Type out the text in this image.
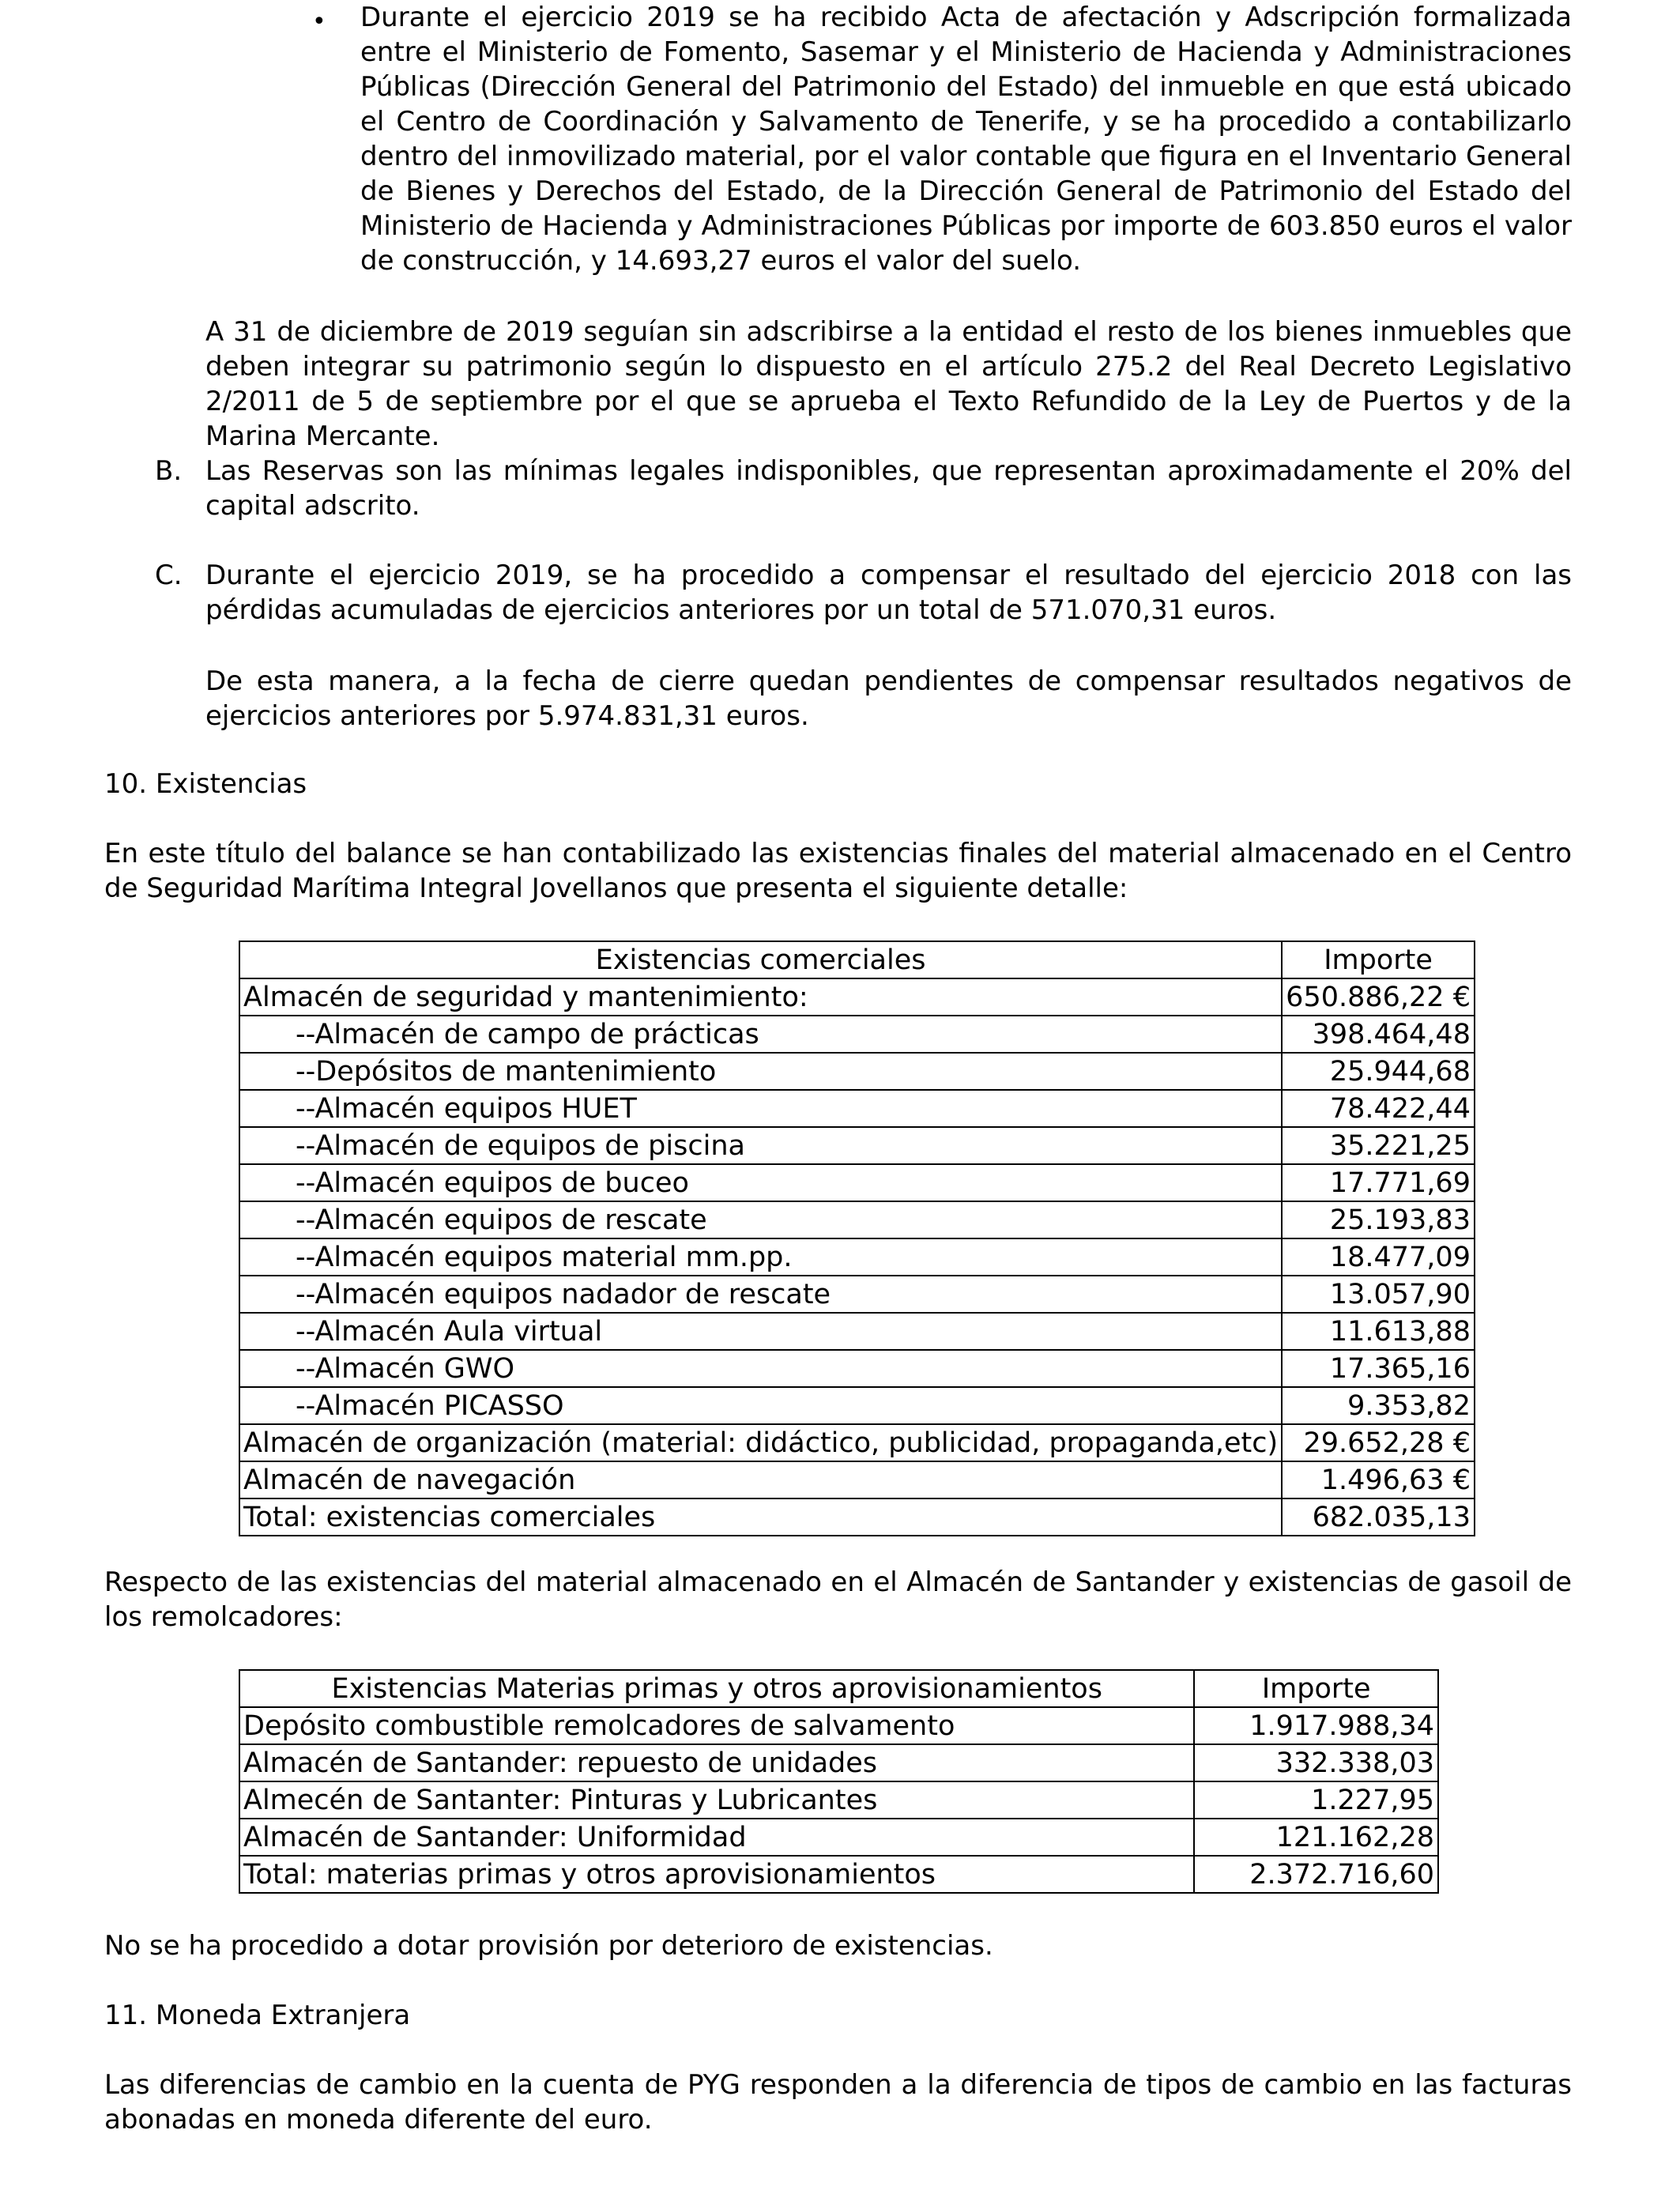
• Durante el ejercicio 2019 se ha recibido Acta de afectación y Adscripción formalizada entre el Ministerio de Fomento, Sasemar y el Ministerio de Hacienda y Administraciones Públicas (Dirección General del Patrimonio del Estado) del inmueble en que está ubicado el Centro de Coordinación y Salvamento de Tenerife, y se ha procedido a contabilizarlo dentro del inmovilizado material, por el valor contable que figura en el Inventario General de Bienes y Derechos del Estado, de la Dirección General de Patrimonio del Estado del Ministerio de Hacienda y Administraciones Públicas por importe de 603.850 euros el valor de construcción, y 14.693,27 euros el valor del suelo.
A 31 de diciembre de 2019 seguían sin adscribirse a la entidad el resto de los bienes inmuebles que deben integrar su patrimonio según lo dispuesto en el artículo 275.2 del Real Decreto Legislativo 2/2011 de 5 de septiembre por el que se aprueba el Texto Refundido de la Ley de Puertos y de la Marina Mercante.
B. Las Reservas son las mínimas legales indisponibles, que representan aproximadamente el 20% del capital adscrito.
C. Durante el ejercicio 2019, se ha procedido a compensar el resultado del ejercicio 2018 con las pérdidas acumuladas de ejercicios anteriores por un total de 571.070,31 euros.
De esta manera, a la fecha de cierre quedan pendientes de compensar resultados negativos de ejercicios anteriores por 5.974.831,31 euros.
10. Existencias
En este título del balance se han contabilizado las existencias finales del material almacenado en el Centro de Seguridad Marítima Integral Jovellanos que presenta el siguiente detalle:
Existencias comerciales	Importe
Almacén de seguridad y mantenimiento:	650.886,22 €
--Almacén de campo de prácticas	398.464,48
--Depósitos de mantenimiento	25.944,68
--Almacén equipos HUET	78.422,44
--Almacén de equipos de piscina	35.221,25
--Almacén equipos de buceo	17.771,69
--Almacén equipos de rescate	25.193,83
--Almacén equipos material mm.pp.	18.477,09
--Almacén equipos nadador de rescate	13.057,90
--Almacén Aula virtual	11.613,88
--Almacén GWO	17.365,16
--Almacén PICASSO	9.353,82
Almacén de organización (material: didáctico, publicidad, propaganda,etc)	29.652,28 €
Almacén de navegación	1.496,63 €
Total: existencias comerciales	682.035,13
Respecto de las existencias del material almacenado en el Almacén de Santander y existencias de gasoil de los remolcadores:
Existencias Materias primas y otros aprovisionamientos	Importe
Depósito combustible remolcadores de salvamento	1.917.988,34
Almacén de Santander: repuesto de unidades	332.338,03
Almecén de Santanter: Pinturas y Lubricantes	1.227,95
Almacén de Santander: Uniformidad	121.162,28
Total: materias primas y otros aprovisionamientos	2.372.716,60
No se ha procedido a dotar provisión por deterioro de existencias.
11. Moneda Extranjera
Las diferencias de cambio en la cuenta de PYG responden a la diferencia de tipos de cambio en las facturas abonadas en moneda diferente del euro.
